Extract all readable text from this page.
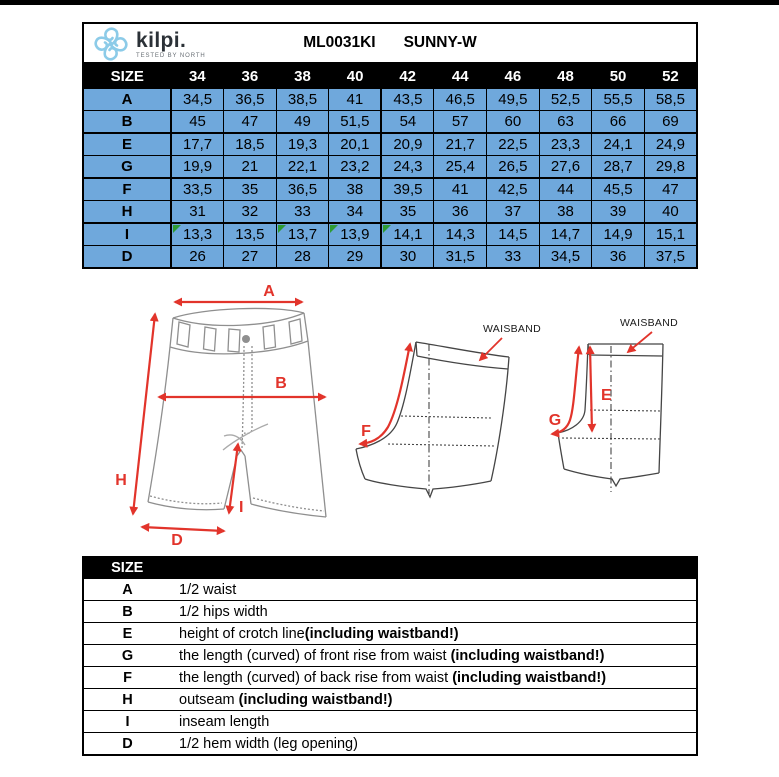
kilpi.
TESTED BY NORTH
ML0031KI SUNNY-W
SIZE	34	36	38	40	42	44	46	48	50	52
A	34,5	36,5	38,5	41	43,5	46,5	49,5	52,5	55,5	58,5
B	45	47	49	51,5	54	57	60	63	66	69
E	17,7	18,5	19,3	20,1	20,9	21,7	22,5	23,3	24,1	24,9
G	19,9	21	22,1	23,2	24,3	25,4	26,5	27,6	28,7	29,8
F	33,5	35	36,5	38	39,5	41	42,5	44	45,5	47
H	31	32	33	34	35	36	37	38	39	40
I	13,3	13,5	13,7	13,9	14,1	14,3	14,5	14,7	14,9	15,1
D	26	27	28	29	30	31,5	33	34,5	36	37,5
A
B
H
I
D
F
WAISBAND
E
G
WAISBAND
SIZE	
A	1/2 waist
B	1/2 hips width
E	height of crotch line(including waistband!)
G	the length (curved) of front rise from waist (including waistband!)
F	the length (curved) of back rise from waist (including waistband!)
H	outseam (including waistband!)
I	inseam length
D	1/2 hem width (leg opening)
